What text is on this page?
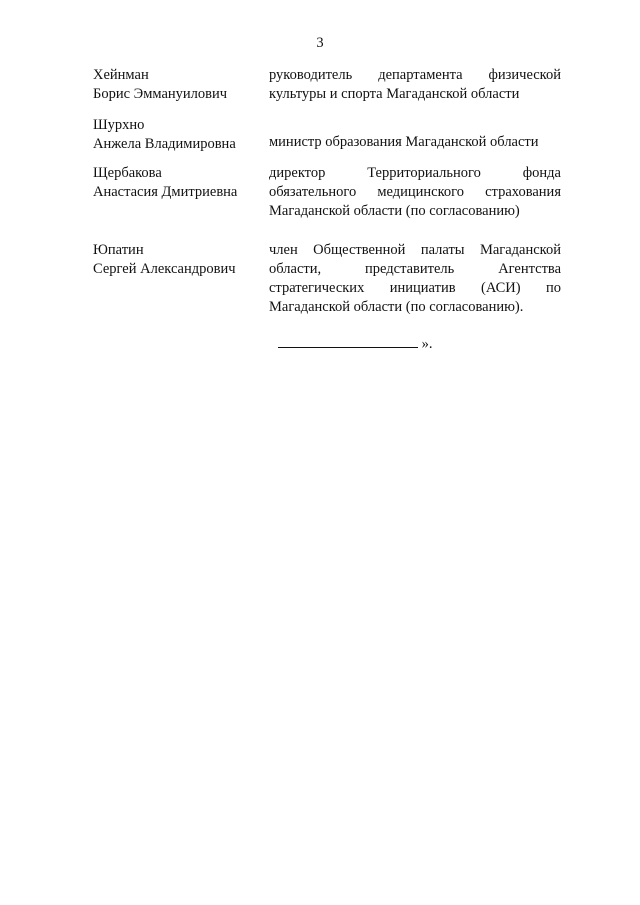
3
Хейнман
Борис Эммануилович
руководитель департамента физической
культуры и спорта Магаданской области
Шурхно
Анжела Владимировна	министр образования Магаданской области
Щербакова
Анастасия Дмитриевна
директор Территориального фонда
обязательного медицинского страхования
Магаданской области (по согласованию)
Юпатин
Сергей Александрович
член Общественной палаты Магаданской
области, представитель Агентства
стратегических инициатив (АСИ) по
Магаданской области (по согласованию).
».
